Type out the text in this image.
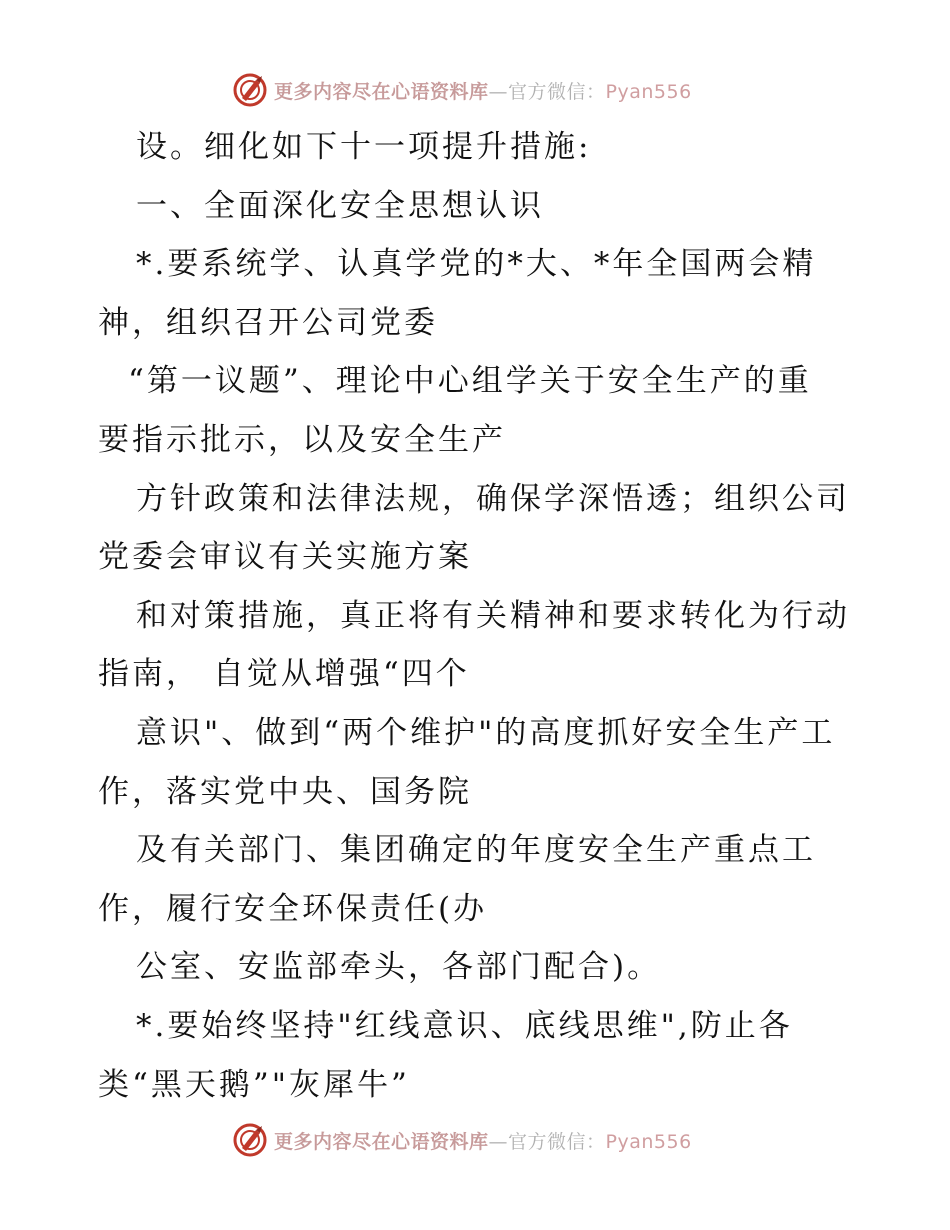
更多内容尽在心语资料库—官方微信：Pyan556
设。细化如下十一项提升措施:
一、全面深化安全思想认识
*.要系统学、认真学党的*大、*年全国两会精
神，组织召开公司党委
“第一议题”、理论中心组学关于安全生产的重
要指示批示，以及安全生产
方针政策和法律法规，确保学深悟透；组织公司
党委会审议有关实施方案
和对策措施，真正将有关精神和要求转化为行动
指南， 自觉从增强“四个
意识"、做到“两个维护"的高度抓好安全生产工
作，落实党中央、国务院
及有关部门、集团确定的年度安全生产重点工
作，履行安全环保责任(办
公室、安监部牵头，各部门配合)。
*.要始终坚持"红线意识、底线思维",防止各
类“黑天鹅”"灰犀牛”
更多内容尽在心语资料库—官方微信：Pyan556
